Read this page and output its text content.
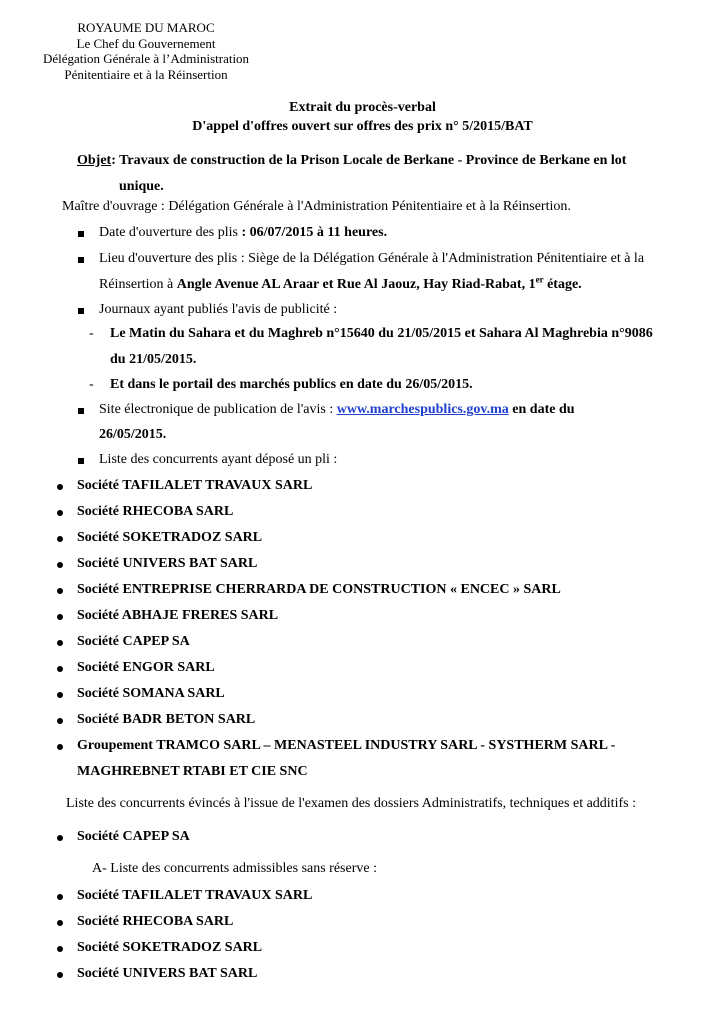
ROYAUME DU MAROC
Le Chef du Gouvernement
Délégation Générale à l’Administration
Pénitentiaire et à la Réinsertion
Extrait du procès-verbal
D'appel d'offres ouvert sur offres des prix n° 5/2015/BAT
Objet: Travaux de construction de la Prison Locale de Berkane - Province de Berkane en lot
unique.
Maître d'ouvrage : Délégation Générale à l'Administration Pénitentiaire et à la Réinsertion.
Date d'ouverture des plis : 06/07/2015 à 11 heures.
Lieu d'ouverture des plis : Siège de la Délégation Générale à l'Administration Pénitentiaire et à la
Réinsertion à Angle Avenue AL Araar et Rue Al Jaouz, Hay Riad-Rabat, 1er étage.
Journaux ayant publiés l'avis de publicité :
- Le Matin du Sahara et du Maghreb n°15640 du 21/05/2015 et Sahara Al Maghrebia n°9086
du 21/05/2015.
- Et dans le portail des marchés publics en date du 26/05/2015.
Site électronique de publication de l'avis : www.marchespublics.gov.ma en date du
26/05/2015.
Liste des concurrents ayant déposé un pli :
Société TAFILALET TRAVAUX SARL
Société RHECOBA SARL
Société SOKETRADOZ SARL
Société UNIVERS BAT SARL
Société ENTREPRISE CHERRARDA DE CONSTRUCTION « ENCEC » SARL
Société ABHAJE FRERES SARL
Société CAPEP SA
Société ENGOR SARL
Société SOMANA SARL
Société BADR BETON SARL
Groupement TRAMCO SARL – MENASTEEL INDUSTRY SARL - SYSTHERM SARL -
MAGHREBNET RTABI ET CIE SNC
Liste des concurrents évincés à l'issue de l'examen des dossiers Administratifs, techniques et additifs :
Société CAPEP SA
A- Liste des concurrents admissibles sans réserve :
Société TAFILALET TRAVAUX SARL
Société RHECOBA SARL
Société SOKETRADOZ SARL
Société UNIVERS BAT SARL
